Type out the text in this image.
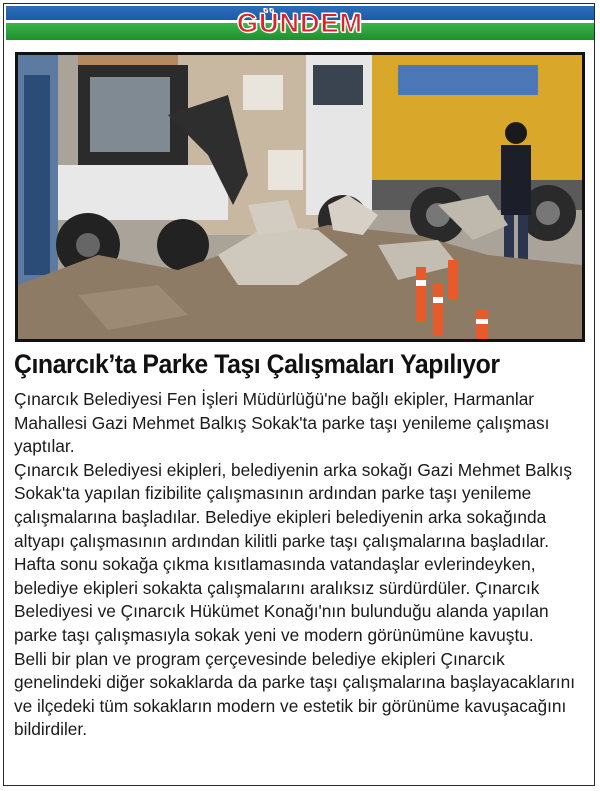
GÜNDEM
Çınarcık’ta Parke Taşı Çalışmaları Yapılıyor

Çınarcık Belediyesi Fen İşleri Müdürlüğü'ne bağlı ekipler, Harmanlar Mahallesi Gazi Mehmet Balkış Sokak'ta parke taşı yenileme çalışması yaptılar.

Çınarcık Belediyesi ekipleri, belediyenin arka sokağı Gazi Mehmet Balkış Sokak'ta yapılan fizibilite çalışmasının ardından parke taşı yenileme çalışmalarına başladılar. Belediye ekipleri belediyenin arka sokağında altyapı çalışmasının ardından kilitli parke taşı çalışmalarına başladılar. Hafta sonu sokağa çıkma kısıtlamasında vatandaşlar evlerindeyken, belediye ekipleri sokakta çalışmalarını aralıksız sürdürdüler. Çınarcık Belediyesi ve Çınarcık Hükümet Konağı'nın bulunduğu alanda yapılan parke taşı çalışmasıyla sokak yeni ve modern görünümüne kavuştu.

Belli bir plan ve program çerçevesinde belediye ekipleri Çınarcık genelindeki diğer sokaklarda da parke taşı çalışmalarına başlayacaklarını ve ilçedeki tüm sokakların modern ve estetik bir görünüme kavuşacağını bildirdiler.
